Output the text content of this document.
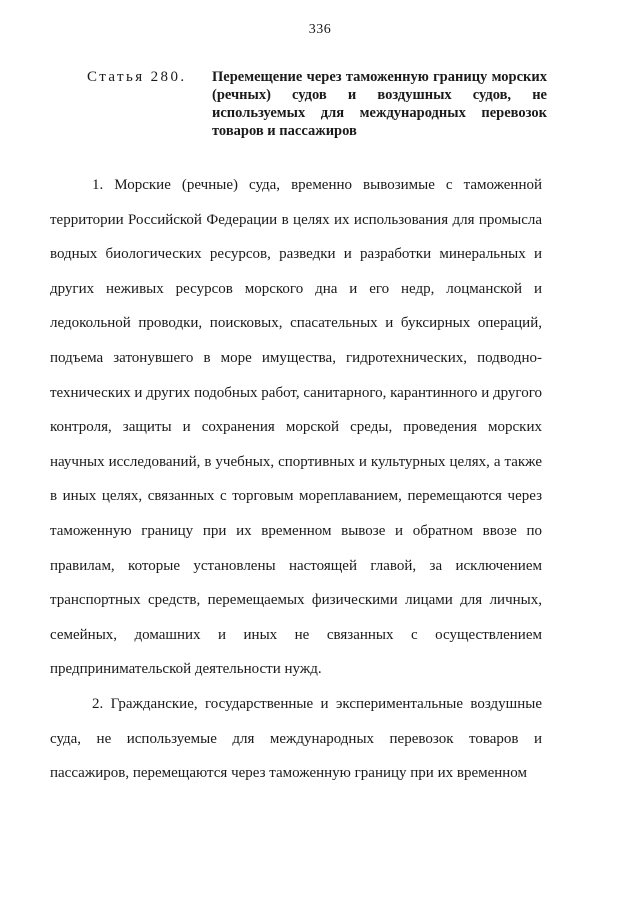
336
Статья 280.	Перемещение через таможенную границу морских (речных) судов и воздушных судов, не используемых для международных перевозок товаров и пассажиров

1. Морские (речные) суда, временно вывозимые с таможенной территории Российской Федерации в целях их использования для промысла водных биологических ресурсов, разведки и разработки минеральных и других неживых ресурсов морского дна и его недр, лоцманской и ледокольной проводки, поисковых, спасательных и буксирных операций, подъема затонувшего в море имущества, гидротехнических, подводно-технических и других подобных работ, санитарного, карантинного и другого контроля, защиты и сохранения морской среды, проведения морских научных исследований, в учебных, спортивных и культурных целях, а также в иных целях, связанных с торговым мореплаванием, перемещаются через таможенную границу при их временном вывозе и обратном ввозе по правилам, которые установлены настоящей главой, за исключением транспортных средств, перемещаемых физическими лицами для личных, семейных, домашних и иных не связанных с осуществлением предпринимательской деятельности нужд.

2. Гражданские, государственные и экспериментальные воздушные суда, не используемые для международных перевозок товаров и пассажиров, перемещаются через таможенную границу при их временном
